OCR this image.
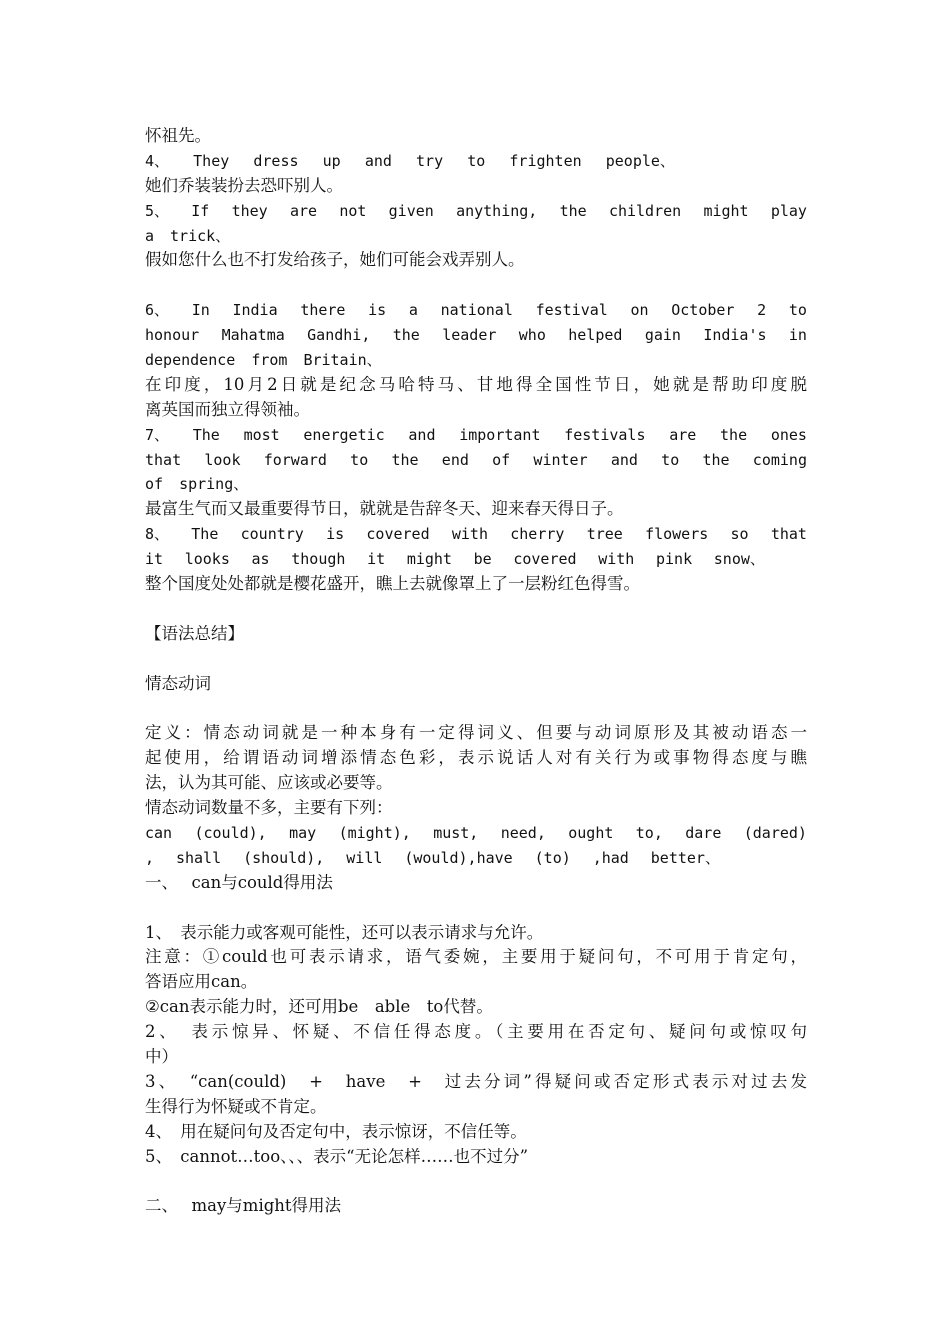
怀祖先。
4、 They dress up and try to frighten people、
她们乔装装扮去恐吓别人。
5、 If they are not given anything, the children might play
a trick、
假如您什么也不打发给孩子，她们可能会戏弄别人。
6、 In India there is a national festival on October 2 to
honour Mahatma Gandhi, the leader who helped gain India's in
dependence from Britain、
在印度，10月2日就是纪念马哈特马、甘地得全国性节日，她就是帮助印度脱
离英国而独立得领袖。
7、 The most energetic and important festivals are the ones
that look forward to the end of winter and to the coming
of spring、
最富生气而又最重要得节日，就就是告辞冬天、迎来春天得日子。
8、 The country is covered with cherry tree flowers so that
it looks as though it might be covered with pink snow、
整个国度处处都就是樱花盛开，瞧上去就像罩上了一层粉红色得雪。
【语法总结】
情态动词
定义：情态动词就是一种本身有一定得词义、但要与动词原形及其被动语态一
起使用，给谓语动词增添情态色彩，表示说话人对有关行为或事物得态度与瞧
法，认为其可能、应该或必要等。
情态动词数量不多，主要有下列：
can (could), may (might), must, need, ought to, dare (dared)
, shall (should), will (would),have (to) ,had better、
一、　 can与could得用法
1、　表示能力或客观可能性，还可以表示请求与允许。
注意：①could也可表示请求，语气委婉，主要用于疑问句，不可用于肯定句，
答语应用can。
②can表示能力时，还可用be　able　to代替。
2、　表示惊异、怀疑、不信任得态度。（主要用在否定句、疑问句或惊叹句
中）
3、　“can(could)　+　have　+　过去分词”得疑问或否定形式表示对过去发
生得行为怀疑或不肯定。
4、　用在疑问句及否定句中，表示惊讶，不信任等。
5、　cannot…too、、、表示“无论怎样……也不过分”
二、　 may与might得用法
